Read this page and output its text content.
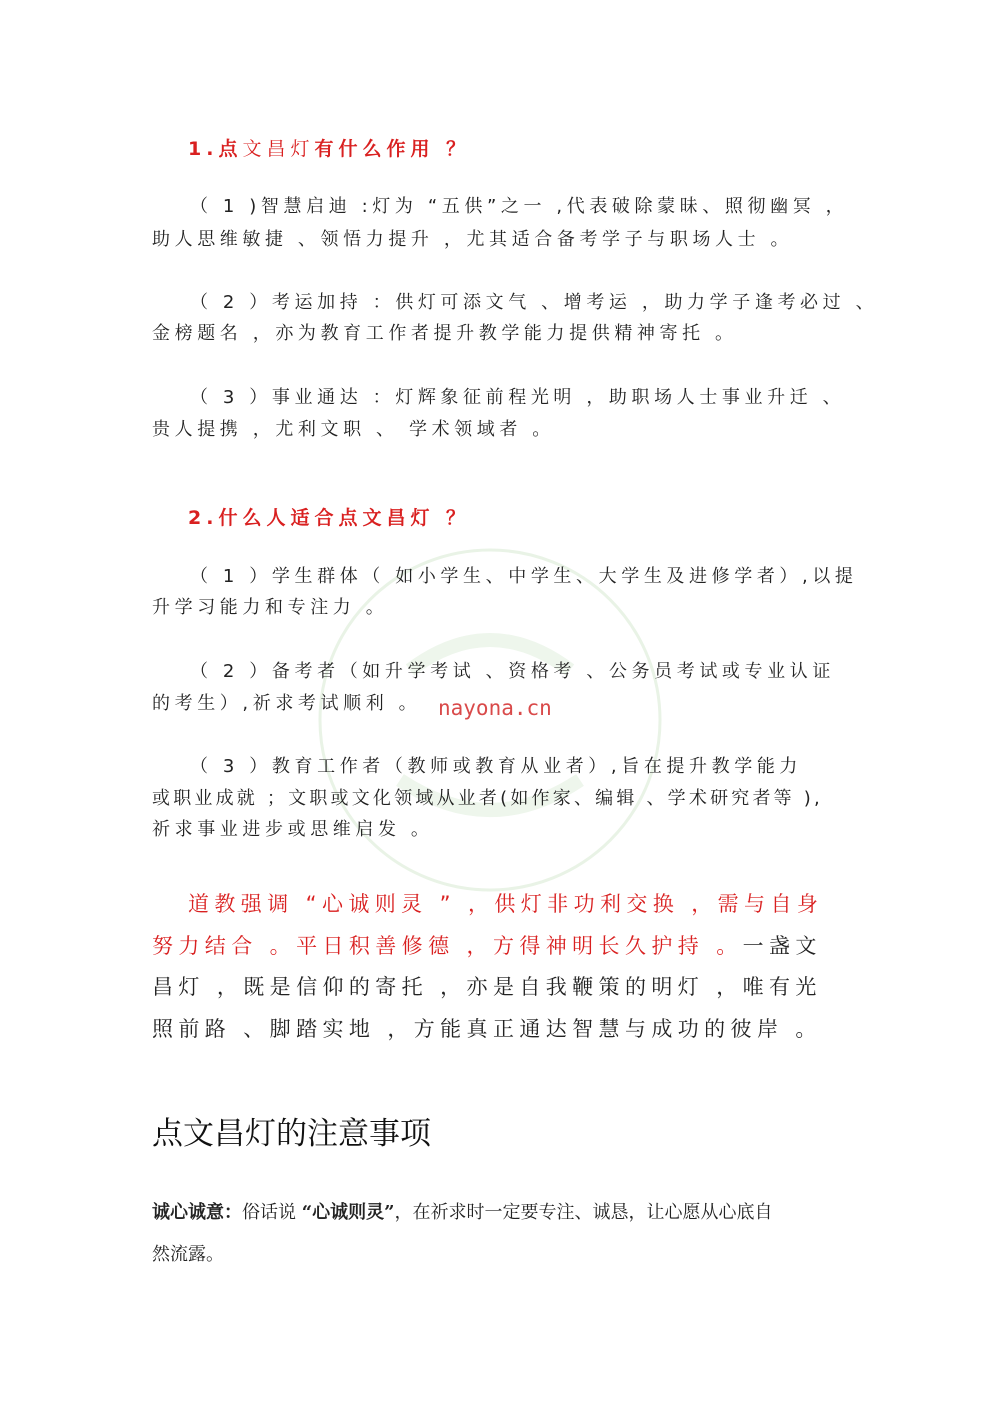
1.点文昌灯有什么作用 ？
（ 1 )智慧启迪 :灯为 “五供”之一 ,代表破除蒙昧、照彻幽冥 ，
助人思维敏捷 、领悟力提升 ，尤其适合备考学子与职场人士 。
（ 2 ）考运加持 ：供灯可添文气 、增考运 ，助力学子逢考必过 、
金榜题名 ，亦为教育工作者提升教学能力提供精神寄托 。
（ 3 ）事业通达 ：灯辉象征前程光明 ，助职场人士事业升迁 、
贵人提携 ，尤利文职 、 学术领域者 。
2.什么人适合点文昌灯 ？
（ 1 ）学生群体（ 如小学生、中学生、大学生及进修学者）,以提
升学习能力和专注力 。
（ 2 ）备考者（如升学考试 、资格考 、公务员考试或专业认证
的考生）,祈求考试顺利 。 nayona.cn
（ 3 ）教育工作者（教师或教育从业者）,旨在提升教学能力
或职业成就 ；文职或文化领域从业者(如作家、编辑 、学术研究者等 ),
祈求事业进步或思维启发 。
道教强调 “心诚则灵 ” ，供灯非功利交换 ，需与自身
努力结合 。平日积善修德 ，方得神明长久护持 。一盏文
昌灯 ，既是信仰的寄托 ，亦是自我鞭策的明灯 ，唯有光
照前路 、脚踏实地 ，方能真正通达智慧与成功的彼岸 。
点文昌灯的注意事项
诚心诚意：俗话说 “心诚则灵”，在祈求时一定要专注、诚恳，让心愿从心底自
然流露。
